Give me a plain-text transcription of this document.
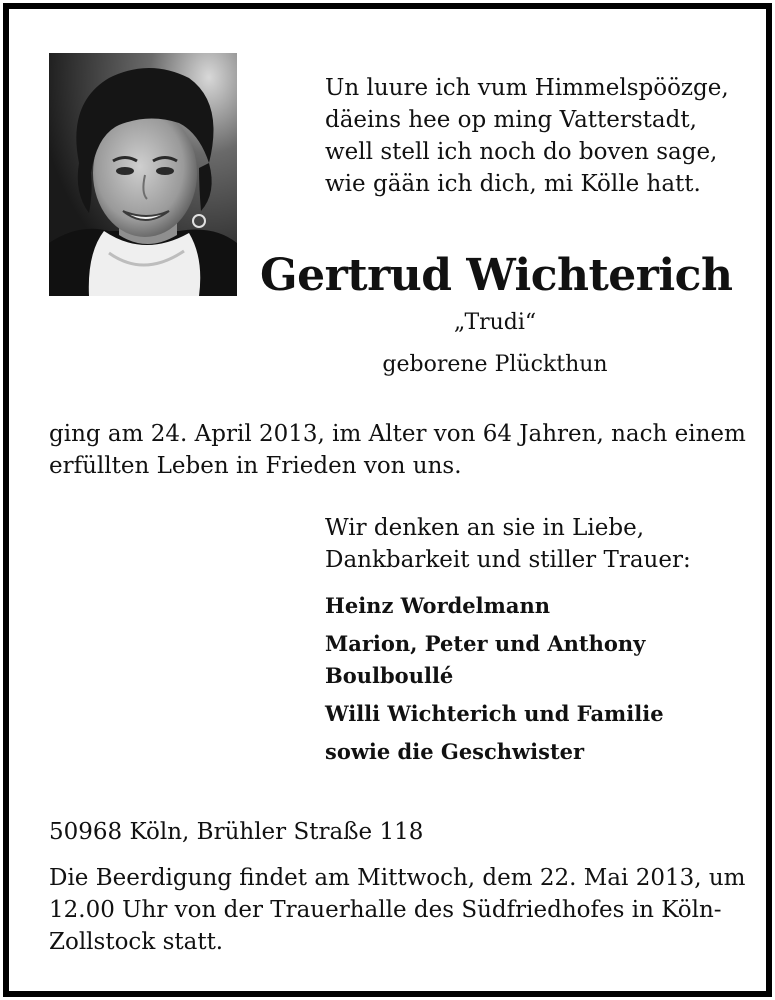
Un luure ich vum Himmelspöözge,
däeins hee op ming Vatterstadt,
well stell ich noch do boven sage,
wie gään ich dich, mi Kölle hatt.
Gertrud Wichterich
„Trudi“
geborene Plückthun
ging am 24. April 2013, im Alter von 64 Jahren, nach einem
erfüllten Leben in Frieden von uns.
Wir denken an sie in Liebe,
Dankbarkeit und stiller Trauer:
Heinz Wordelmann
Marion, Peter und Anthony
Boulboullé
Willi Wichterich und Familie
sowie die Geschwister
50968 Köln, Brühler Straße 118
Die Beerdigung findet am Mittwoch, dem 22. Mai 2013, um
12.00 Uhr von der Trauerhalle des Südfriedhofes in Köln-
Zollstock statt.
